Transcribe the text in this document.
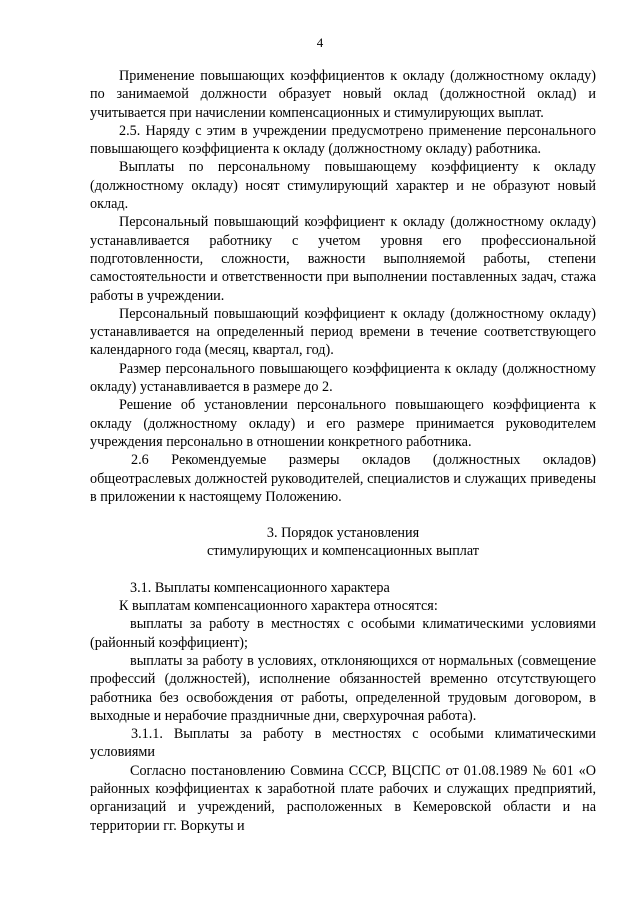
4

Применение повышающих коэффициентов к окладу (должностному окладу) по занимаемой должности образует новый оклад (должностной оклад) и учитывается при начислении компенсационных и стимулирующих выплат.

2.5. Наряду с этим в учреждении предусмотрено применение персонального повышающего коэффициента к окладу (должностному окладу) работника.

Выплаты по персональному повышающему коэффициенту к окладу (должностному окладу) носят стимулирующий характер и не образуют новый оклад.

Персональный повышающий коэффициент к окладу (должностному окладу) устанавливается работнику с учетом уровня его профессиональной подготовленности, сложности, важности выполняемой работы, степени самостоятельности и ответственности при выполнении поставленных задач, стажа работы в учреждении.

Персональный повышающий коэффициент к окладу (должностному окладу) устанавливается на определенный период времени в течение соответствующего календарного года (месяц, квартал, год).

Размер персонального повышающего коэффициента к окладу (должностному окладу) устанавливается в размере до 2.

Решение об установлении персонального повышающего коэффициента к окладу (должностному окладу) и его размере принимается руководителем учреждения персонально в отношении конкретного работника.

2.6 Рекомендуемые размеры окладов (должностных окладов) общеотраслевых должностей руководителей, специалистов и служащих приведены в приложении к настоящему Положению.

3. Порядок установления
стимулирующих и компенсационных выплат

3.1. Выплаты компенсационного характера

К выплатам компенсационного характера относятся:

выплаты за работу в местностях с особыми климатическими условиями (районный коэффициент);

выплаты за работу в условиях, отклоняющихся от нормальных (совмещение профессий (должностей), исполнение обязанностей временно отсутствующего работника без освобождения от работы, определенной трудовым договором, в выходные и нерабочие праздничные дни, сверхурочная работа).

3.1.1. Выплаты за работу в местностях с особыми климатическими условиями

Согласно постановлению Совмина СССР, ВЦСПС от 01.08.1989 № 601 «О районных коэффициентах к заработной плате рабочих и служащих предприятий, организаций и учреждений, расположенных в Кемеровской области и на территории гг. Воркуты и
